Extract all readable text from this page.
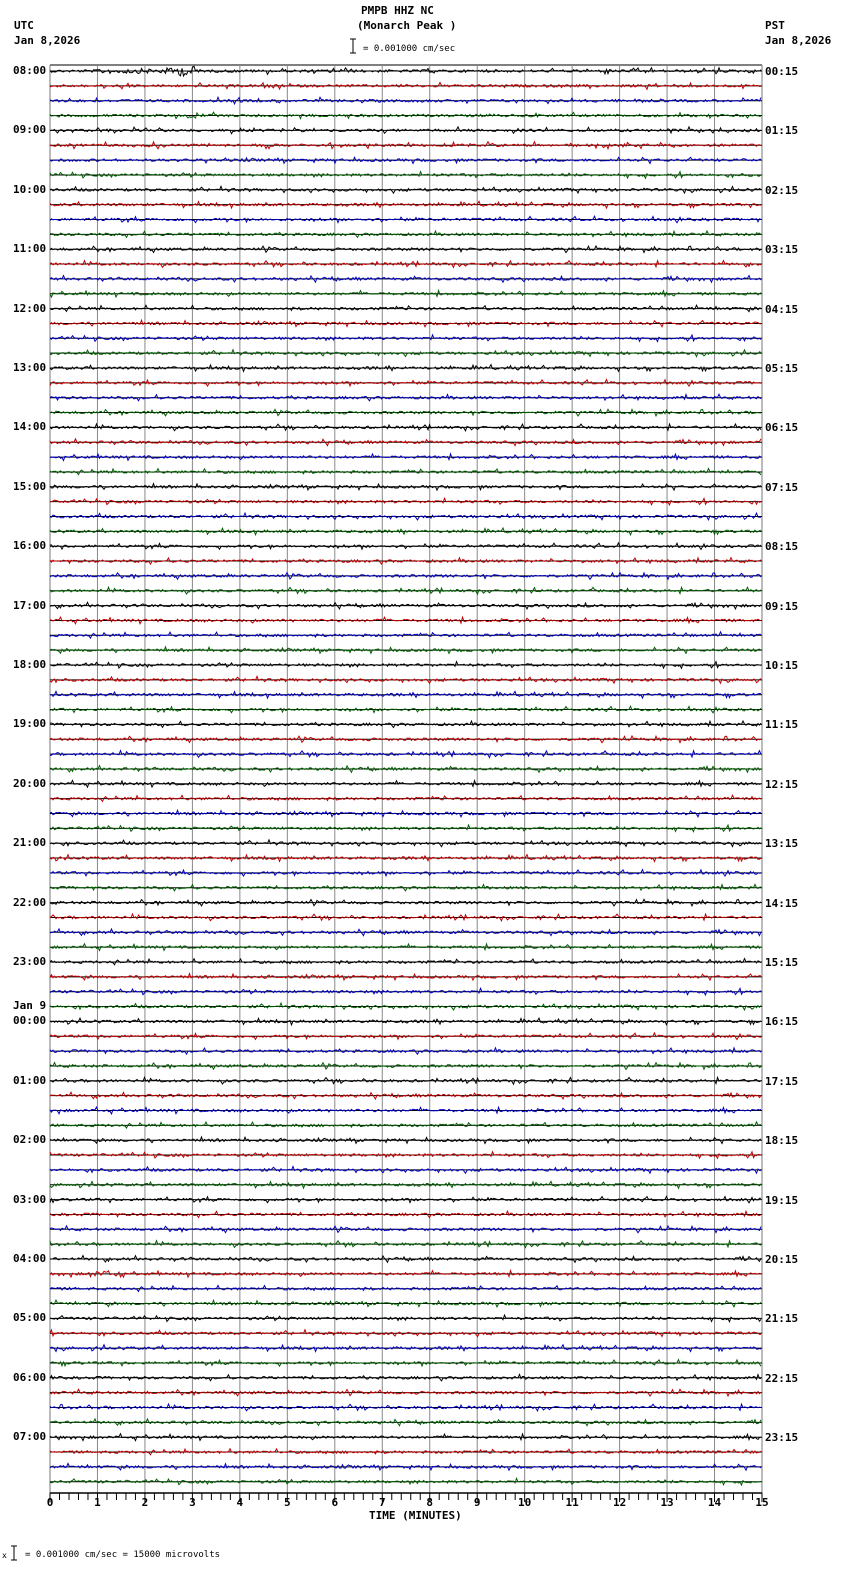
PMPB HHZ NC
(Monarch Peak )
UTC
Jan 8,2026
PST
Jan 8,2026
= 0.001000 cm/sec
08:00
09:00
10:00
11:00
12:00
13:00
14:00
15:00
16:00
17:00
18:00
19:00
20:00
21:00
22:00
23:00
Jan 9
00:00
01:00
02:00
03:00
04:00
05:00
06:00
07:00
00:15
01:15
02:15
03:15
04:15
05:15
06:15
07:15
08:15
09:15
10:15
11:15
12:15
13:15
14:15
15:15
16:15
17:15
18:15
19:15
20:15
21:15
22:15
23:15
0	1	2	3	4	5	6	7	8	9	10	11	12	13	14	15
TIME (MINUTES)
x = 0.001000 cm/sec = 15000 microvolts
